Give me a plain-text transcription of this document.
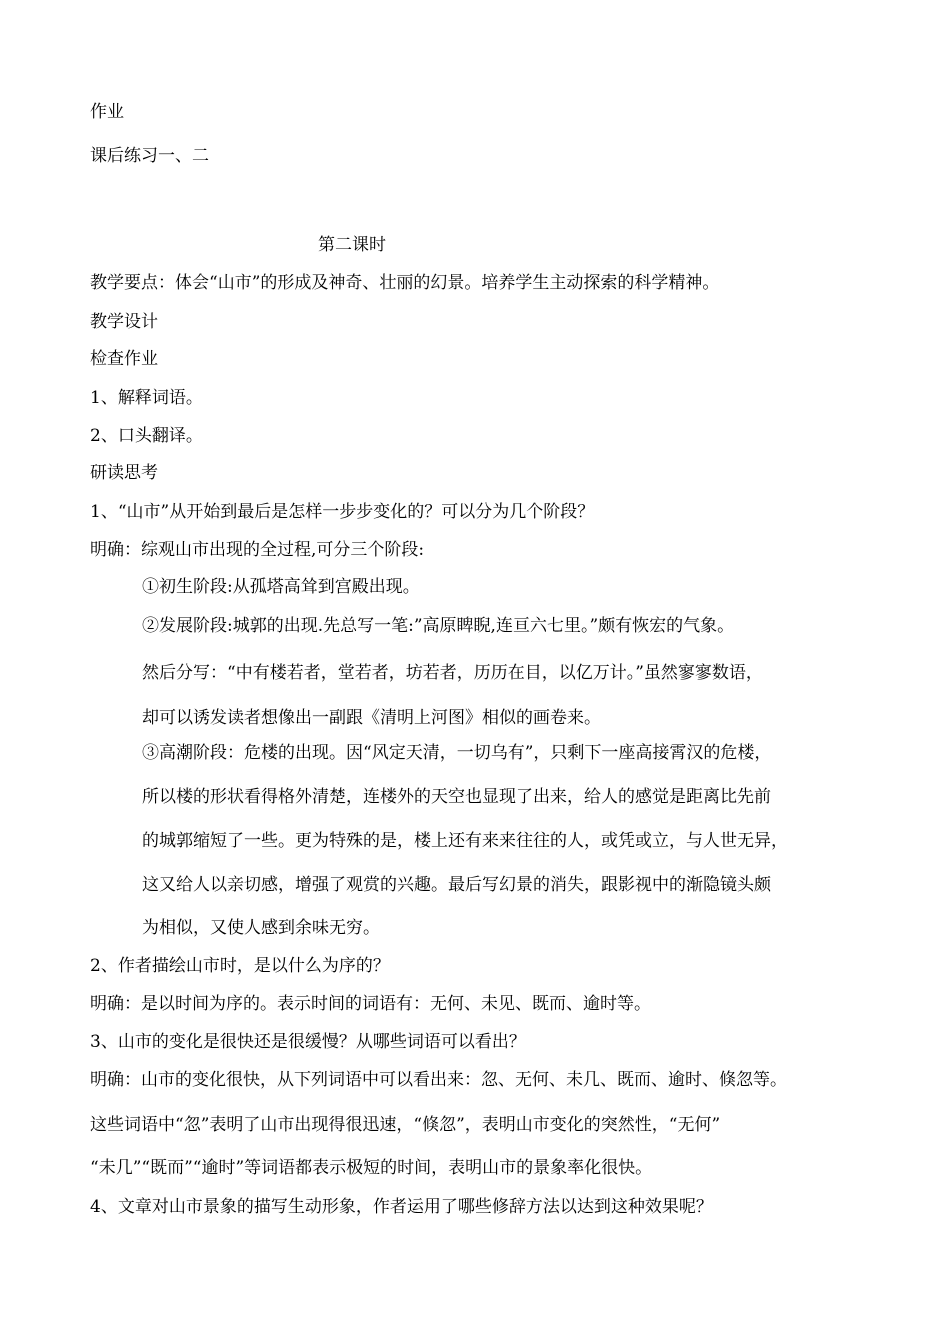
作业
课后练习一、二
第二课时
教学要点：体会“山市”的形成及神奇、壮丽的幻景。培养学生主动探索的科学精神。
教学设计
检查作业
1、解释词语。
2、口头翻译。
研读思考
1、“山市”从开始到最后是怎样一步步变化的？可以分为几个阶段？
明确：综观山市出现的全过程,可分三个阶段:
①初生阶段:从孤塔高耸到宫殿出现。
②发展阶段:城郭的出现.先总写一笔:”高原睥睨,连亘六七里。”颇有恢宏的气象。
然后分写：“中有楼若者，堂若者，坊若者，历历在目，以亿万计。”虽然寥寥数语，
却可以诱发读者想像出一副跟《清明上河图》相似的画卷来。
③高潮阶段：危楼的出现。因“风定天清，一切乌有”，只剩下一座高接霄汉的危楼，
所以楼的形状看得格外清楚，连楼外的天空也显现了出来，给人的感觉是距离比先前
的城郭缩短了一些。更为特殊的是，楼上还有来来往往的人，或凭或立，与人世无异，
这又给人以亲切感，增强了观赏的兴趣。最后写幻景的消失，跟影视中的渐隐镜头颇
为相似，又使人感到余味无穷。
2、作者描绘山市时，是以什么为序的？
明确：是以时间为序的。表示时间的词语有：无何、未见、既而、逾时等。
3、山市的变化是很快还是很缓慢？从哪些词语可以看出？
明确：山市的变化很快，从下列词语中可以看出来：忽、无何、未几、既而、逾时、倏忽等。
这些词语中“忽”表明了山市出现得很迅速，“倏忽”，表明山市变化的突然性，“无何”
“未几”“既而”“逾时”等词语都表示极短的时间，表明山市的景象率化很快。
4、文章对山市景象的描写生动形象，作者运用了哪些修辞方法以达到这种效果呢？
